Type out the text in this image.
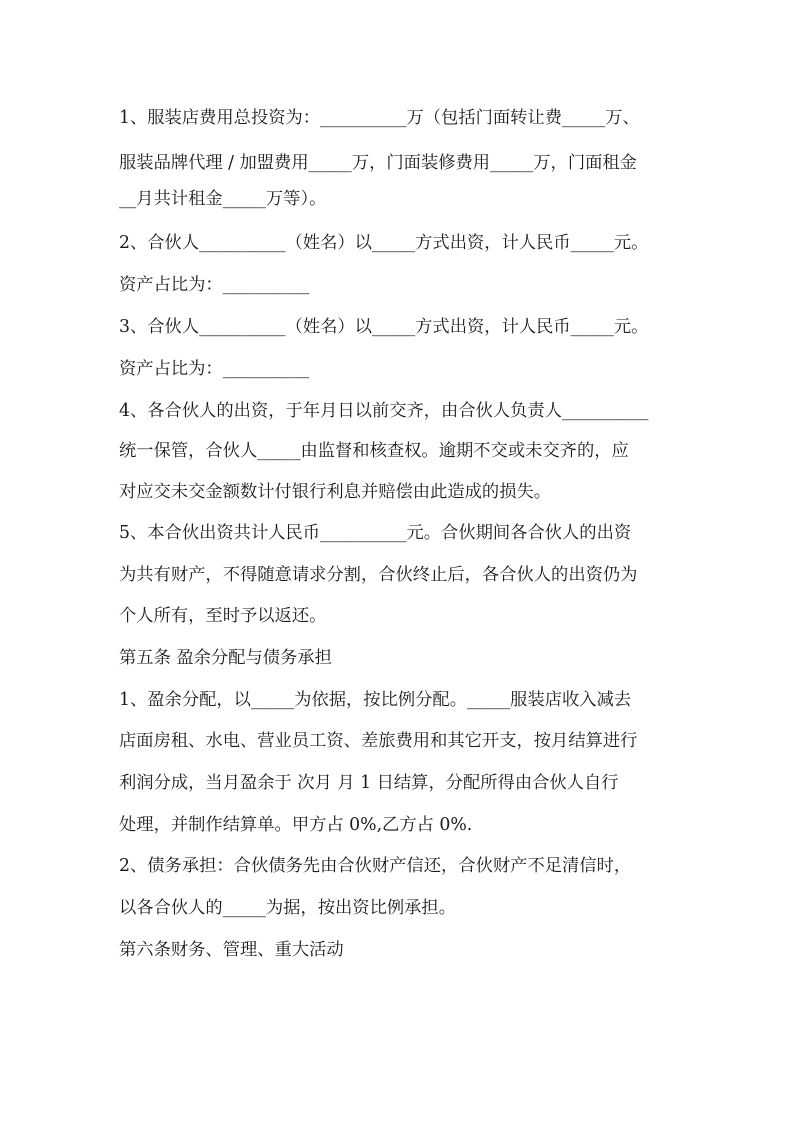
1、服装店费用总投资为：__________万（包括门面转让费_____万、
服装品牌代理 / 加盟费用_____万，门面装修费用_____万，门面租金
__月共计租金_____万等）。
2、合伙人__________（姓名）以_____方式出资，计人民币_____元。
资产占比为：__________
3、合伙人__________（姓名）以_____方式出资，计人民币_____元。
资产占比为：__________
4、各合伙人的出资，于年月日以前交齐，由合伙人负责人__________
统一保管，合伙人_____由监督和核查权。逾期不交或未交齐的，应
对应交未交金额数计付银行利息并赔偿由此造成的损失。
5、本合伙出资共计人民币__________元。合伙期间各合伙人的出资
为共有财产，不得随意请求分割，合伙终止后，各合伙人的出资仍为
个人所有，至时予以返还。
第五条 盈余分配与债务承担
1、盈余分配，以_____为依据，按比例分配。_____服装店收入减去
店面房租、水电、营业员工资、差旅费用和其它开支，按月结算进行
利润分成，当月盈余于 次月 月 1 日结算，分配所得由合伙人自行
处理，并制作结算单。甲方占 0%,乙方占 0%.
2、债务承担：合伙债务先由合伙财产信还，合伙财产不足清信时，
以各合伙人的_____为据，按出资比例承担。
第六条财务、管理、重大活动
